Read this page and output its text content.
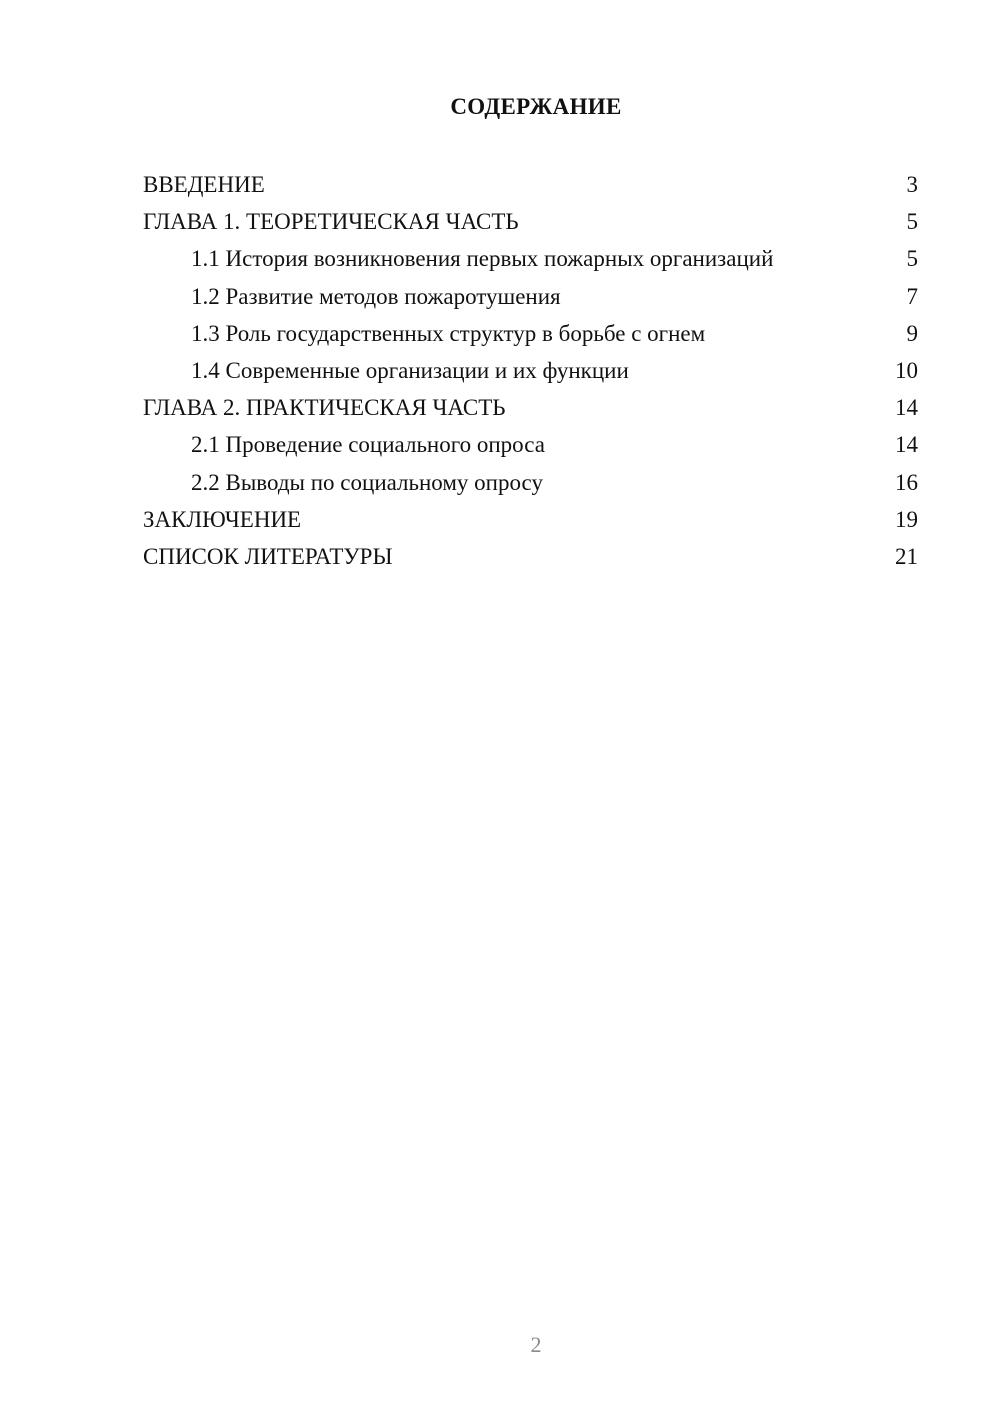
СОДЕРЖАНИЕ
ВВЕДЕНИЕ	3
ГЛАВА 1. ТЕОРЕТИЧЕСКАЯ ЧАСТЬ	5
1.1 История возникновения первых пожарных организаций	5
1.2 Развитие методов пожаротушения	7
1.3 Роль государственных структур в борьбе с огнем	9
1.4 Современные организации и их функции	10
ГЛАВА 2. ПРАКТИЧЕСКАЯ ЧАСТЬ	14
2.1 Проведение социального опроса	14
2.2 Выводы по социальному опросу	16
ЗАКЛЮЧЕНИЕ	19
СПИСОК ЛИТЕРАТУРЫ	21
2
